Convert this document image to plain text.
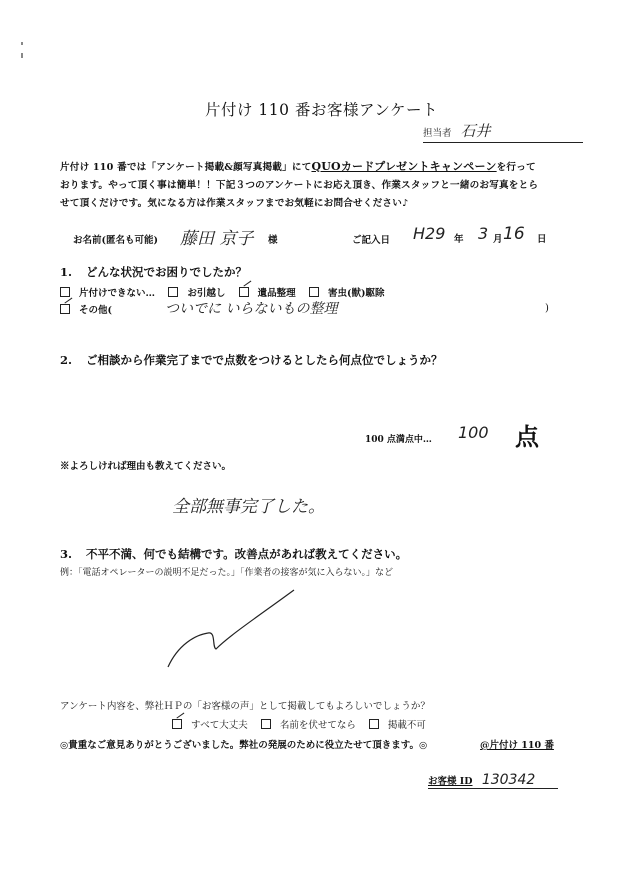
片付け 110 番お客様アンケート
担当者 石井
片付け 110 番では「アンケート掲載&顔写真掲載」にてQUOカードプレゼントキャンペーンを行って
おります。やって頂く事は簡単！！下記３つのアンケートにお応え頂き、作業スタッフと一緒のお写真をとら
せて頂くだけです。気になる方は作業スタッフまでお気軽にお問合せください♪
お名前(匿名も可能) 藤田 京子 様	ご記入日 H29 年 3 月 16 日
1. どんな状況でお困りでしたか？
片付けできない…	お引越し	遺品整理	害虫(獣)駆除
その他(	ついでに いらないもの整理	)
2. ご相談から作業完了までで点数をつけるとしたら何点位でしょうか？
100 点満点中… 100 点
※よろしければ理由も教えてください。
全部無事完了した。
3. 不平不満、何でも結構です。改善点があれば教えてください。
例：「電話オペレーターの説明不足だった。」「作業者の接客が気に入らない。」など
アンケート内容を、弊社ＨＰの「お客様の声」として掲載してもよろしいでしょうか？
すべて大丈夫	名前を伏せてなら	掲載不可
◎貴重なご意見ありがとうございました。弊社の発展のために役立たせて頂きます。◎	@片付け 110 番
お客様 ID 130342
